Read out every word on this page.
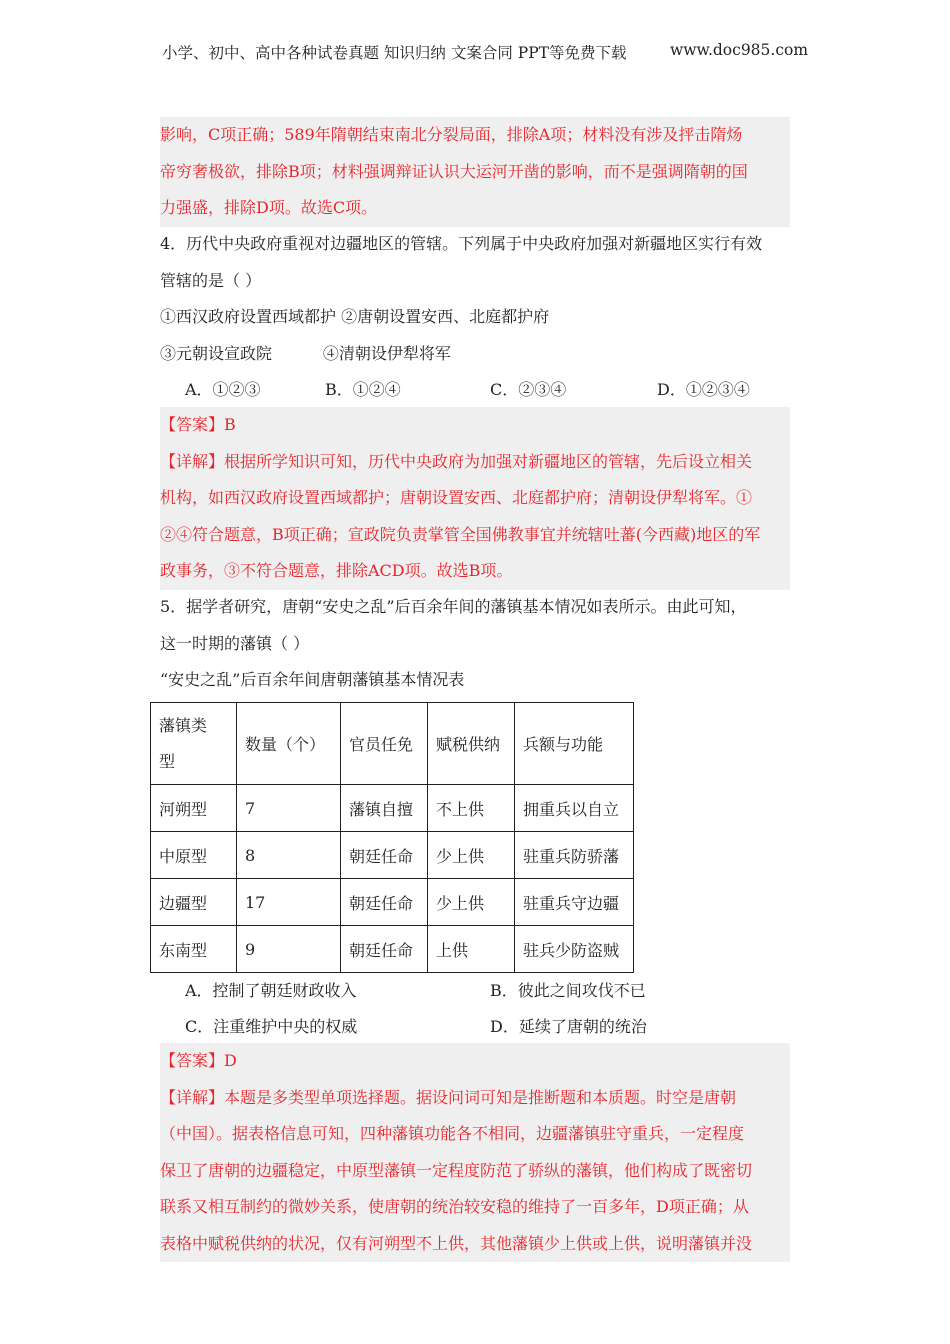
小学、初中、高中各种试卷真题 知识归纳 文案合同 PPT等免费下载	www.doc985.com
影响，C项正确；589年隋朝结束南北分裂局面，排除A项；材料没有涉及抨击隋炀
帝穷奢极欲，排除B项；材料强调辩证认识大运河开凿的影响，而不是强调隋朝的国
力强盛，排除D项。故选C项。
4．历代中央政府重视对边疆地区的管辖。下列属于中央政府加强对新疆地区实行有效
管辖的是（ ）
①西汉政府设置西域都护 ②唐朝设置安西、北庭都护府
③元朝设宣政院          ④清朝设伊犁将军
A．①②③	B．①②④	C．②③④	D．①②③④
【答案】B
【详解】根据所学知识可知，历代中央政府为加强对新疆地区的管辖，先后设立相关
机构，如西汉政府设置西域都护；唐朝设置安西、北庭都护府；清朝设伊犁将军。①
②④符合题意，B项正确；宣政院负责掌管全国佛教事宜并统辖吐蕃(今西藏)地区的军
政事务，③不符合题意，排除ACD项。故选B项。
5．据学者研究，唐朝“安史之乱”后百余年间的藩镇基本情况如表所示。由此可知，
这一时期的藩镇（ ）
“安史之乱”后百余年间唐朝藩镇基本情况表
藩镇类
型	数量（个）	官员任免	赋税供纳	兵额与功能
河朔型	7	藩镇自擅	不上供	拥重兵以自立
中原型	8	朝廷任命	少上供	驻重兵防骄藩
边疆型	17	朝廷任命	少上供	驻重兵守边疆
东南型	9	朝廷任命	上供	驻兵少防盗贼
A．控制了朝廷财政收入	B．彼此之间攻伐不已
C．注重维护中央的权威	D．延续了唐朝的统治
【答案】D
【详解】本题是多类型单项选择题。据设问词可知是推断题和本质题。时空是唐朝
（中国）。据表格信息可知，四种藩镇功能各不相同，边疆藩镇驻守重兵，一定程度
保卫了唐朝的边疆稳定，中原型藩镇一定程度防范了骄纵的藩镇，他们构成了既密切
联系又相互制约的微妙关系，使唐朝的统治较安稳的维持了一百多年，D项正确；从
表格中赋税供纳的状况，仅有河朔型不上供，其他藩镇少上供或上供，说明藩镇并没
